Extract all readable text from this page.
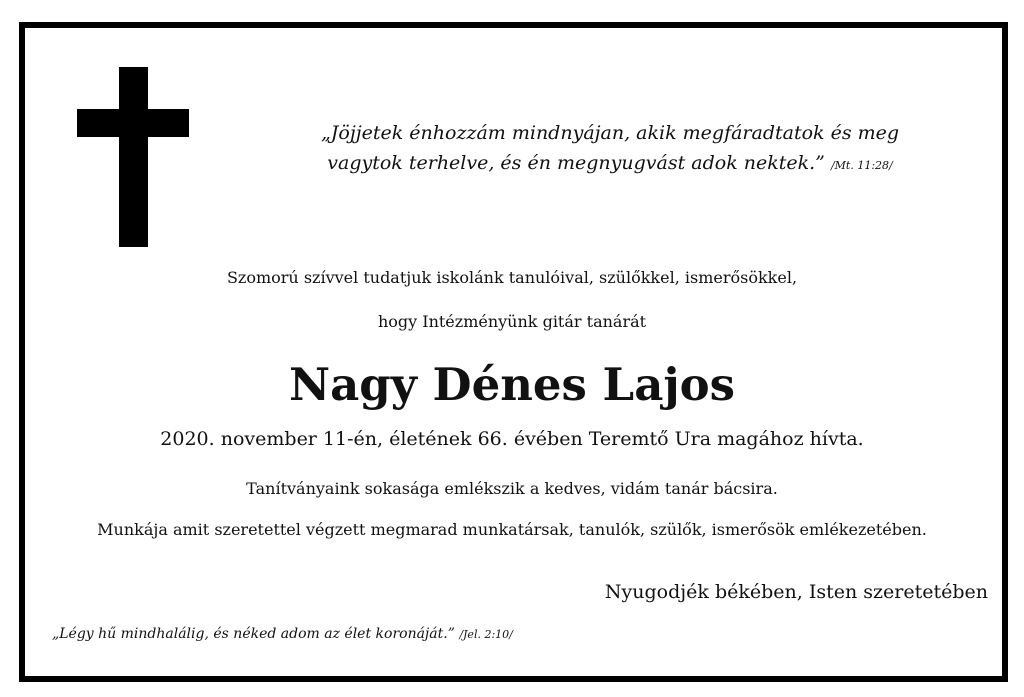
„Jöjjetek énhozzám mindnyájan, akik megfáradtatok és meg
vagytok terhelve, és én megnyugvást adok nektek.” /Mt. 11:28/
Szomorú szívvel tudatjuk iskolánk tanulóival, szülőkkel, ismerősökkel,
hogy Intézményünk gitár tanárát
Nagy Dénes Lajos
2020. november 11-én, életének 66. évében Teremtő Ura magához hívta.
Tanítványaink sokasága emlékszik a kedves, vidám tanár bácsira.
Munkája amit szeretettel végzett megmarad munkatársak, tanulók, szülők, ismerősök emlékezetében.
Nyugodjék békében, Isten szeretetében
„Légy hű mindhalálig, és néked adom az élet koronáját.” /Jel. 2:10/
